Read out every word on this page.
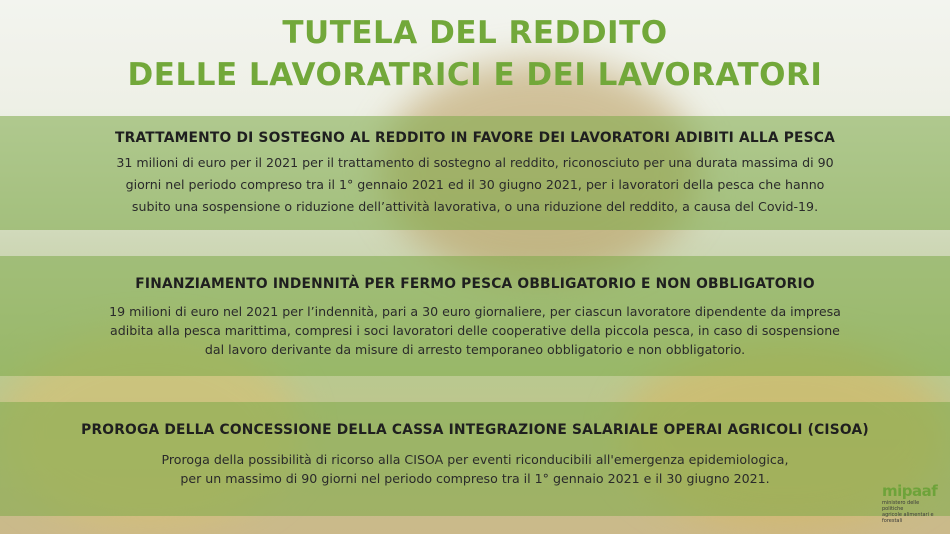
TUTELA DEL REDDITO
DELLE LAVORATRICI E DEI LAVORATORI
TRATTAMENTO DI SOSTEGNO AL REDDITO IN FAVORE DEI LAVORATORI ADIBITI ALLA PESCA

31 milioni di euro per il 2021 per il trattamento di sostegno al reddito, riconosciuto per una durata massima di 90
giorni nel periodo compreso tra il 1° gennaio 2021 ed il 30 giugno 2021, per i lavoratori della pesca che hanno
subito una sospensione o riduzione dell’attività lavorativa, o una riduzione del reddito, a causa del Covid-19.

FINANZIAMENTO INDENNITÀ PER FERMO PESCA OBBLIGATORIO E NON OBBLIGATORIO

19 milioni di euro nel 2021 per l’indennità, pari a 30 euro giornaliere, per ciascun lavoratore dipendente da impresa
adibita alla pesca marittima, compresi i soci lavoratori delle cooperative della piccola pesca, in caso di sospensione
dal lavoro derivante da misure di arresto temporaneo obbligatorio e non obbligatorio.

PROROGA DELLA CONCESSIONE DELLA CASSA INTEGRAZIONE SALARIALE OPERAI AGRICOLI (CISOA)

Proroga della possibilità di ricorso alla CISOA per eventi riconducibili all'emergenza epidemiologica,
per un massimo di 90 giorni nel periodo compreso tra il 1° gennaio 2021 e il 30 giugno 2021.

mipaaf
ministero delle politiche
agricole alimentari e forestali
